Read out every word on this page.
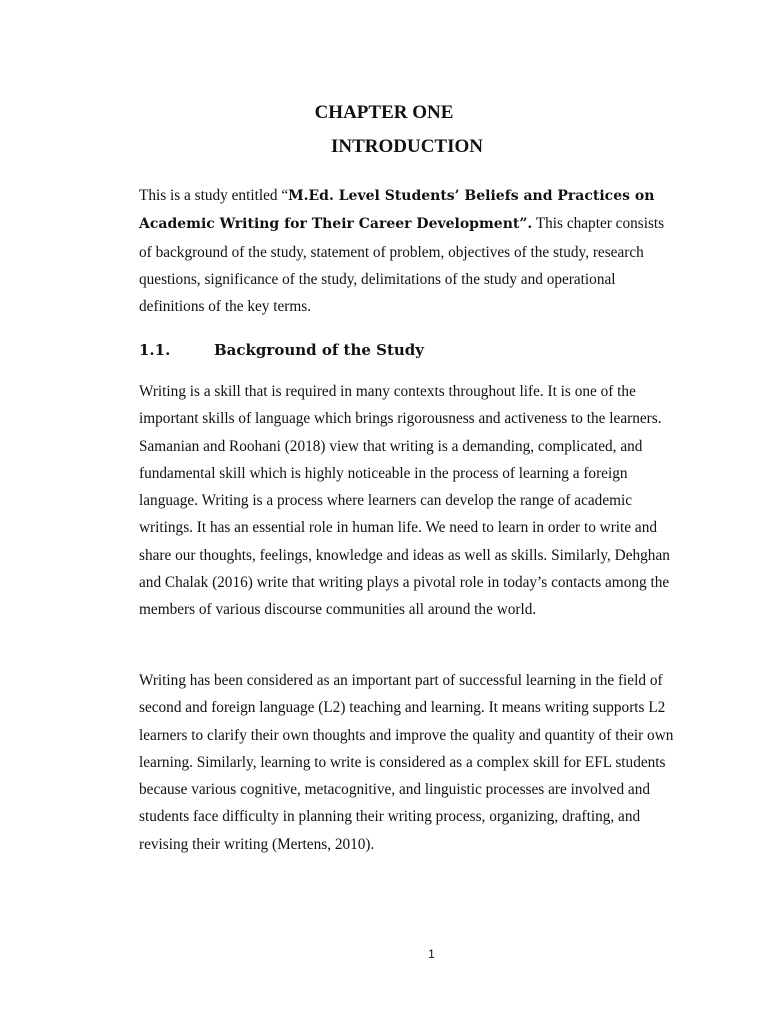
CHAPTER ONE
INTRODUCTION

This is a study entitled “M.Ed. Level Students’ Beliefs and Practices on Academic Writing for Their Career Development”. This chapter consists of background of the study, statement of problem, objectives of the study, research questions, significance of the study, delimitations of the study and operational definitions of the key terms.

1.1.	Background of the Study

Writing is a skill that is required in many contexts throughout life. It is one of the important skills of language which brings rigorousness and activeness to the learners. Samanian and Roohani (2018) view that writing is a demanding, complicated, and fundamental skill which is highly noticeable in the process of learning a foreign language. Writing is a process where learners can develop the range of academic writings. It has an essential role in human life. We need to learn in order to write and share our thoughts, feelings, knowledge and ideas as well as skills. Similarly, Dehghan and Chalak (2016) write that writing plays a pivotal role in today’s contacts among the members of various discourse communities all around the world.

Writing has been considered as an important part of successful learning in the field of second and foreign language (L2) teaching and learning. It means writing supports L2 learners to clarify their own thoughts and improve the quality and quantity of their own learning. Similarly, learning to write is considered as a complex skill for EFL students because various cognitive, metacognitive, and linguistic processes are involved and students face difficulty in planning their writing process, organizing, drafting, and revising their writing (Mertens, 2010).

1
